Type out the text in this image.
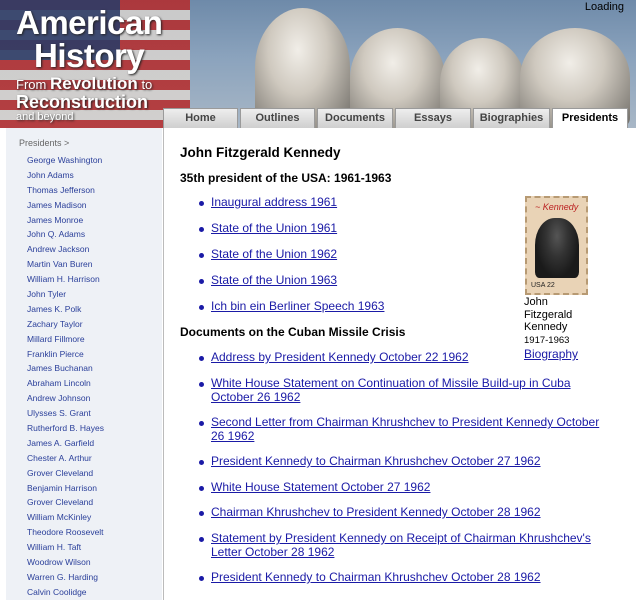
American
History
From Revolution to
Reconstruction
and beyond
Loading
Home	Outlines	Documents	Essays	Biographies	Presidents
Presidents >
George Washington
John Adams
Thomas Jefferson
James Madison
James Monroe
John Q. Adams
Andrew Jackson
Martin Van Buren
William H. Harrison
John Tyler
James K. Polk
Zachary Taylor
Millard Fillmore
Franklin Pierce
James Buchanan
Abraham Lincoln
Andrew Johnson
Ulysses S. Grant
Rutherford B. Hayes
James A. Garfield
Chester A. Arthur
Grover Cleveland
Benjamin Harrison
Grover Cleveland
William McKinley
Theodore Roosevelt
William H. Taft
Woodrow Wilson
Warren G. Harding
Calvin Coolidge
John Fitzgerald Kennedy
35th president of the USA: 1961-1963
Inaugural address 1961
State of the Union 1961
State of the Union 1962
State of the Union 1963
Ich bin ein Berliner Speech 1963
Documents on the Cuban Missile Crisis
Address by President Kennedy October 22 1962
White House Statement on Continuation of Missile Build-up in Cuba October 26 1962
Second Letter from Chairman Khrushchev to President Kennedy October 26 1962
President Kennedy to Chairman Khrushchev October 27 1962
White House Statement October 27 1962
Chairman Khrushchev to President Kennedy October 28 1962
Statement by President Kennedy on Receipt of Chairman Khrushchev's Letter October 28 1962
President Kennedy to Chairman Khrushchev October 28 1962
~ Kennedy
USA 22
John Fitzgerald Kennedy
1917-1963
Biography
